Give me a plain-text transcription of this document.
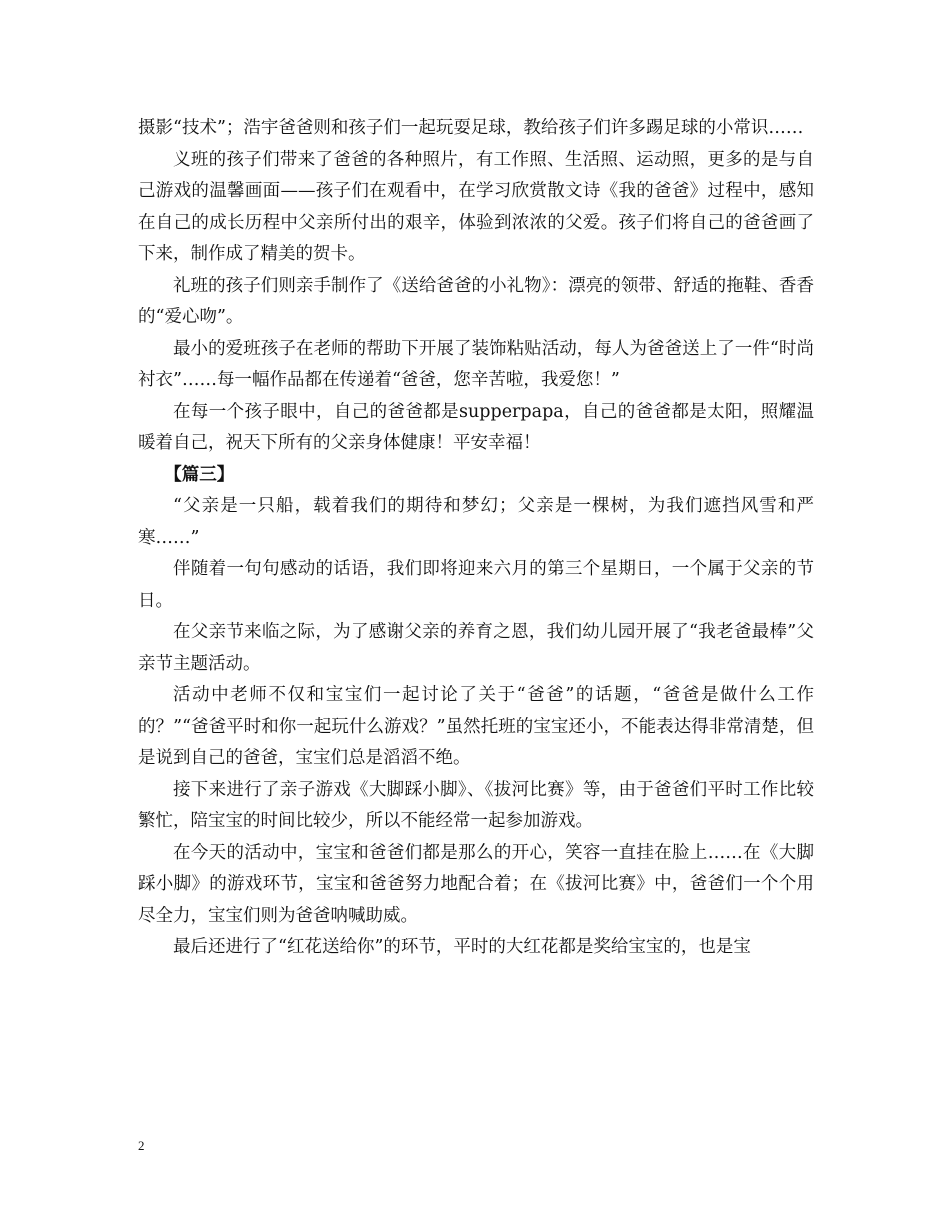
摄影“技术”；浩宇爸爸则和孩子们一起玩耍足球，教给孩子们许多踢足球的小常识……

义班的孩子们带来了爸爸的各种照片，有工作照、生活照、运动照，更多的是与自己游戏的温馨画面——孩子们在观看中，在学习欣赏散文诗《我的爸爸》过程中，感知在自己的成长历程中父亲所付出的艰辛，体验到浓浓的父爱。孩子们将自己的爸爸画了下来，制作成了精美的贺卡。

礼班的孩子们则亲手制作了《送给爸爸的小礼物》：漂亮的领带、舒适的拖鞋、香香的“爱心吻”。

最小的爱班孩子在老师的帮助下开展了装饰粘贴活动，每人为爸爸送上了一件“时尚衬衣”……每一幅作品都在传递着“爸爸，您辛苦啦，我爱您！”

在每一个孩子眼中，自己的爸爸都是supperpapa，自己的爸爸都是太阳，照耀温暖着自己，祝天下所有的父亲身体健康！平安幸福！

【篇三】

“父亲是一只船，载着我们的期待和梦幻；父亲是一棵树，为我们遮挡风雪和严寒……”

伴随着一句句感动的话语，我们即将迎来六月的第三个星期日，一个属于父亲的节日。

在父亲节来临之际，为了感谢父亲的养育之恩，我们幼儿园开展了“我老爸最棒”父亲节主题活动。

活动中老师不仅和宝宝们一起讨论了关于“爸爸”的话题，“爸爸是做什么工作的？”“爸爸平时和你一起玩什么游戏？”虽然托班的宝宝还小，不能表达得非常清楚，但是说到自己的爸爸，宝宝们总是滔滔不绝。

接下来进行了亲子游戏《大脚踩小脚》、《拔河比赛》等，由于爸爸们平时工作比较繁忙，陪宝宝的时间比较少，所以不能经常一起参加游戏。

在今天的活动中，宝宝和爸爸们都是那么的开心，笑容一直挂在脸上……在《大脚踩小脚》的游戏环节，宝宝和爸爸努力地配合着；在《拔河比赛》中，爸爸们一个个用尽全力，宝宝们则为爸爸呐喊助威。

最后还进行了“红花送给你”的环节，平时的大红花都是奖给宝宝的，也是宝

2
